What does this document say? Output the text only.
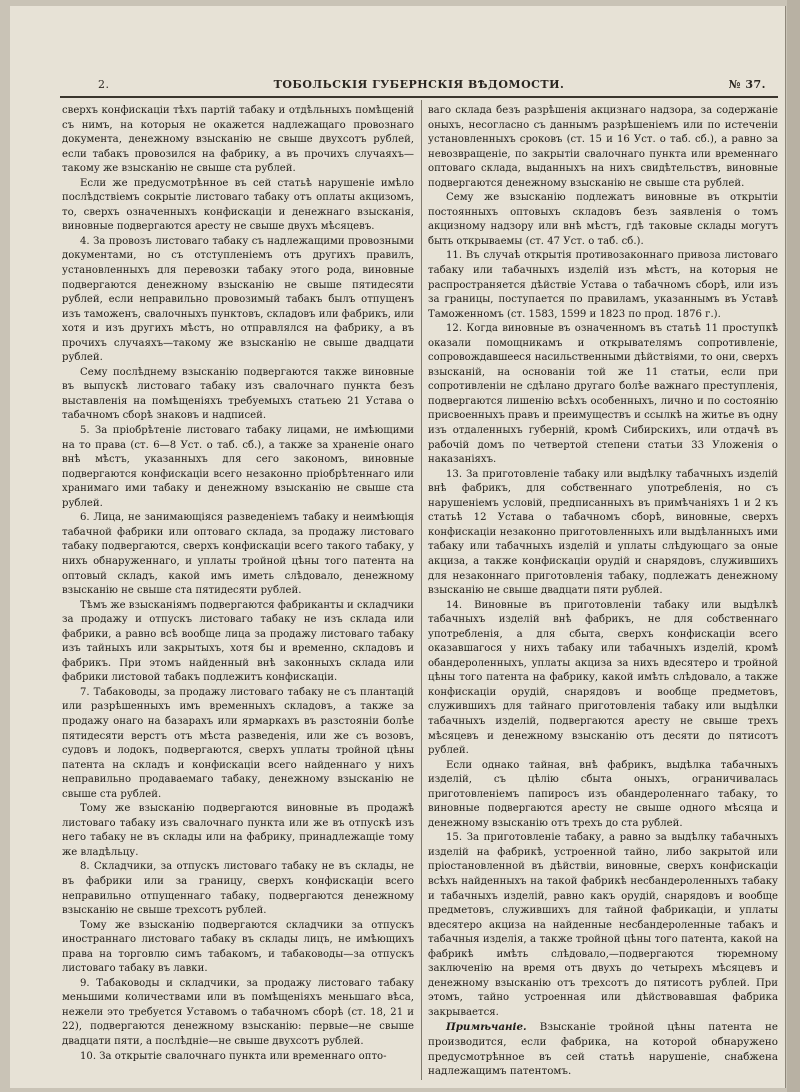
2.	ТОБОЛЬСКІЯ ГУБЕРНСКІЯ ВѢДОМОСТИ.	№ 37.

сверхъ конфискаціи тѣхъ партій табаку и отдѣльныхъ помѣщеній съ нимъ, на которыя не окажется надлежащаго провознаго документа, денежному взысканію не свыше двухсотъ рублей, если табакъ провозился на фабрику, а въ прочихъ случаяхъ—такому же взысканію не свыше ста рублей.

Если же предусмотрѣнное въ сей статьѣ нарушеніе имѣло послѣдствіемъ сокрытіе листоваго табаку отъ оплаты акцизомъ, то, сверхъ означенныхъ конфискаціи и денежнаго взысканія, виновные подвергаются аресту не свыше двухъ мѣсяцевъ.

4. За провозъ листоваго табаку съ надлежащими провозными документами, но съ отступленіемъ отъ другихъ правилъ, установленныхъ для перевозки табаку этого рода, виновные подвергаются денежному взысканію не свыше пятидесяти рублей, если неправильно провозимый табакъ былъ отпущенъ изъ таможенъ, свалочныхъ пунктовъ, складовъ или фабрикъ, или хотя и изъ другихъ мѣстъ, но отправлялся на фабрику, а въ прочихъ случаяхъ—такому же взысканію не свыше двадцати рублей.

Сему послѣднему взысканію подвергаются также виновные въ выпускѣ листоваго табаку изъ свалочнаго пункта безъ выставленія на помѣщеніяхъ требуемыхъ статьею 21 Устава о табачномъ сборѣ знаковъ и надписей.

5. За пріобрѣтеніе листоваго табаку лицами, не имѣющими на то права (ст. 6—8 Уст. о таб. сб.), а также за храненіе онаго внѣ мѣстъ, указанныхъ для сего закономъ, виновные подвергаются конфискаціи всего незаконно пріобрѣтеннаго или хранимаго ими табаку и денежному взысканію не свыше ста рублей.

6. Лица, не занимающіяся разведеніемъ табаку и неимѣющія табачной фабрики или оптоваго склада, за продажу листоваго табаку подвергаются, сверхъ конфискаціи всего такого табаку, у нихъ обнаруженнаго, и уплаты тройной цѣны того патента на оптовый складъ, какой имъ иметь слѣдовало, денежному взысканію не свыше ста пятидесяти рублей.

Тѣмъ же взысканіямъ подвергаются фабриканты и складчики за продажу и отпускъ листоваго табаку не изъ склада или фабрики, а равно всѣ вообще лица за продажу листоваго табаку изъ тайныхъ или закрытыхъ, хотя бы и временно, складовъ и фабрикъ. При этомъ найденный внѣ законныхъ склада или фабрики листовой табакъ подлежитъ конфискаціи.

7. Табаководы, за продажу листоваго табаку не съ плантацій или разрѣшенныхъ имъ временныхъ складовъ, а также за продажу онаго на базарахъ или ярмаркахъ въ разстояніи болѣе пятидесяти верстъ отъ мѣста разведенія, или же съ возовъ, судовъ и лодокъ, подвергаются, сверхъ уплаты тройной цѣны патента на складъ и конфискаціи всего найденнаго у нихъ неправильно продаваемаго табаку, денежному взысканію не свыше ста рублей.

Тому же взысканію подвергаются виновные въ продажѣ листоваго табаку изъ свалочнаго пункта или же въ отпускѣ изъ него табаку не въ склады или на фабрику, принадлежащіе тому же владѣльцу.

8. Складчики, за отпускъ листоваго табаку не въ склады, не въ фабрики или за границу, сверхъ конфискаціи всего неправильно отпущеннаго табаку, подвергаются денежному взысканію не свыше трехсотъ рублей.

Тому же взысканію подвергаются складчики за отпускъ иностраннаго листоваго табаку въ склады лицъ, не имѣющихъ права на торговлю симъ табакомъ, и табаководы—за отпускъ листоваго табаку въ лавки.

9. Табаководы и складчики, за продажу листоваго табаку меньшими количествами или въ помѣщеніяхъ меньшаго вѣса, нежели это требуется Уставомъ о табачномъ сборѣ (ст. 18, 21 и 22), подвергаются денежному взысканію: первые—не свыше двадцати пяти, а послѣдніе—не свыше двухсотъ рублей.

10. За открытіе свалочнаго пункта или временнаго опто-

ваго склада безъ разрѣшенія акцизнаго надзора, за содержаніе оныхъ, несогласно съ даннымъ разрѣшеніемъ или по истеченіи установленныхъ сроковъ (ст. 15 и 16 Уст. о таб. сб.), а равно за невозвращеніе, по закрытіи свалочнаго пункта или временнаго оптоваго склада, выданныхъ на нихъ свидѣтельствъ, виновные подвергаются денежному взысканію не свыше ста рублей.

Сему же взысканію подлежатъ виновные въ открытіи постоянныхъ оптовыхъ складовъ безъ заявленія о томъ акцизному надзору или внѣ мѣстъ, гдѣ таковые склады могутъ быть открываемы (ст. 47 Уст. о таб. сб.).

11. Въ случаѣ открытія противозаконнаго привоза листоваго табаку или табачныхъ изделій изъ мѣстъ, на которыя не распространяется дѣйствіе Устава о табачномъ сборѣ, или изъ за границы, поступается по правиламъ, указаннымъ въ Уставѣ Таможенномъ (ст. 1583, 1599 и 1823 по прод. 1876 г.).

12. Когда виновные въ означенномъ въ статьѣ 11 проступкѣ оказали помощникамъ и открывателямъ сопротивленіе, сопровождавшееся насильственными дѣйствіями, то они, сверхъ взысканій, на основаніи той же 11 статьи, если при сопротивленіи не сдѣлано другаго болѣе важнаго преступленія, подвергаются лишенію всѣхъ особенныхъ, лично и по состоянію присвоенныхъ правъ и преимуществъ и ссылкѣ на житье въ одну изъ отдаленныхъ губерній, кромѣ Сибирскихъ, или отдачѣ въ рабочій домъ по четвертой степени статьи 33 Уложенія о наказаніяхъ.

13. За приготовленіе табаку или выдѣлку табачныхъ изделій внѣ фабрикъ, для собственнаго употребленія, но съ нарушеніемъ условій, предписанныхъ въ примѣчаніяхъ 1 и 2 къ статьѣ 12 Устава о табачномъ сборѣ, виновные, сверхъ конфискаціи незаконно приготовленныхъ или выдѣланныхъ ими табаку или табачныхъ изделій и уплаты слѣдующаго за оные акциза, а также конфискаціи орудій и снарядовъ, служившихъ для незаконнаго приготовленія табаку, подлежатъ денежному взысканію не свыше двадцати пяти рублей.

14. Виновные въ приготовленіи табаку или выдѣлкѣ табачныхъ изделій внѣ фабрикъ, не для собственнаго употребленія, а для сбыта, сверхъ конфискаціи всего оказавшагося у нихъ табаку или табачныхъ изделій, кромѣ обандероленныхъ, уплаты акциза за нихъ вдесятеро и тройной цѣны того патента на фабрику, какой имѣть слѣдовало, а также конфискаціи орудій, снарядовъ и вообще предметовъ, служившихъ для тайнаго приготовленія табаку или выдѣлки табачныхъ изделій, подвергаются аресту не свыше трехъ мѣсяцевъ и денежному взысканію отъ десяти до пятисотъ рублей.

Если однако тайная, внѣ фабрикъ, выдѣлка табачныхъ изделій, съ цѣлію сбыта оныхъ, ограничивалась приготовленіемъ папиросъ изъ обандероленнаго табаку, то виновные подвергаются аресту не свыше одного мѣсяца и денежному взысканію отъ трехъ до ста рублей.

15. За приготовленіе табаку, а равно за выдѣлку табачныхъ изделій на фабрикѣ, устроенной тайно, либо закрытой или пріостановленной въ дѣйствіи, виновные, сверхъ конфискаціи всѣхъ найденныхъ на такой фабрикѣ несбандероленныхъ табаку и табачныхъ изделій, равно какъ орудій, снарядовъ и вообще предметовъ, служившихъ для тайной фабрикаціи, и уплаты вдесятеро акциза на найденные несбандероленные табакъ и табачныя изделія, а также тройной цѣны того патента, какой на фабрикѣ имѣть слѣдовало,—подвергаются тюремному заключенію на время отъ двухъ до четырехъ мѣсяцевъ и денежному взысканію отъ трехсотъ до пятисотъ рублей. При этомъ, тайно устроенная или дѣйствовавшая фабрика закрывается.

Примѣчаніе. Взысканіе тройной цѣны патента не производится, если фабрика, на которой обнаружено предусмотрѣнное въ сей статьѣ нарушеніе, снабжена надлежащимъ патентомъ.
